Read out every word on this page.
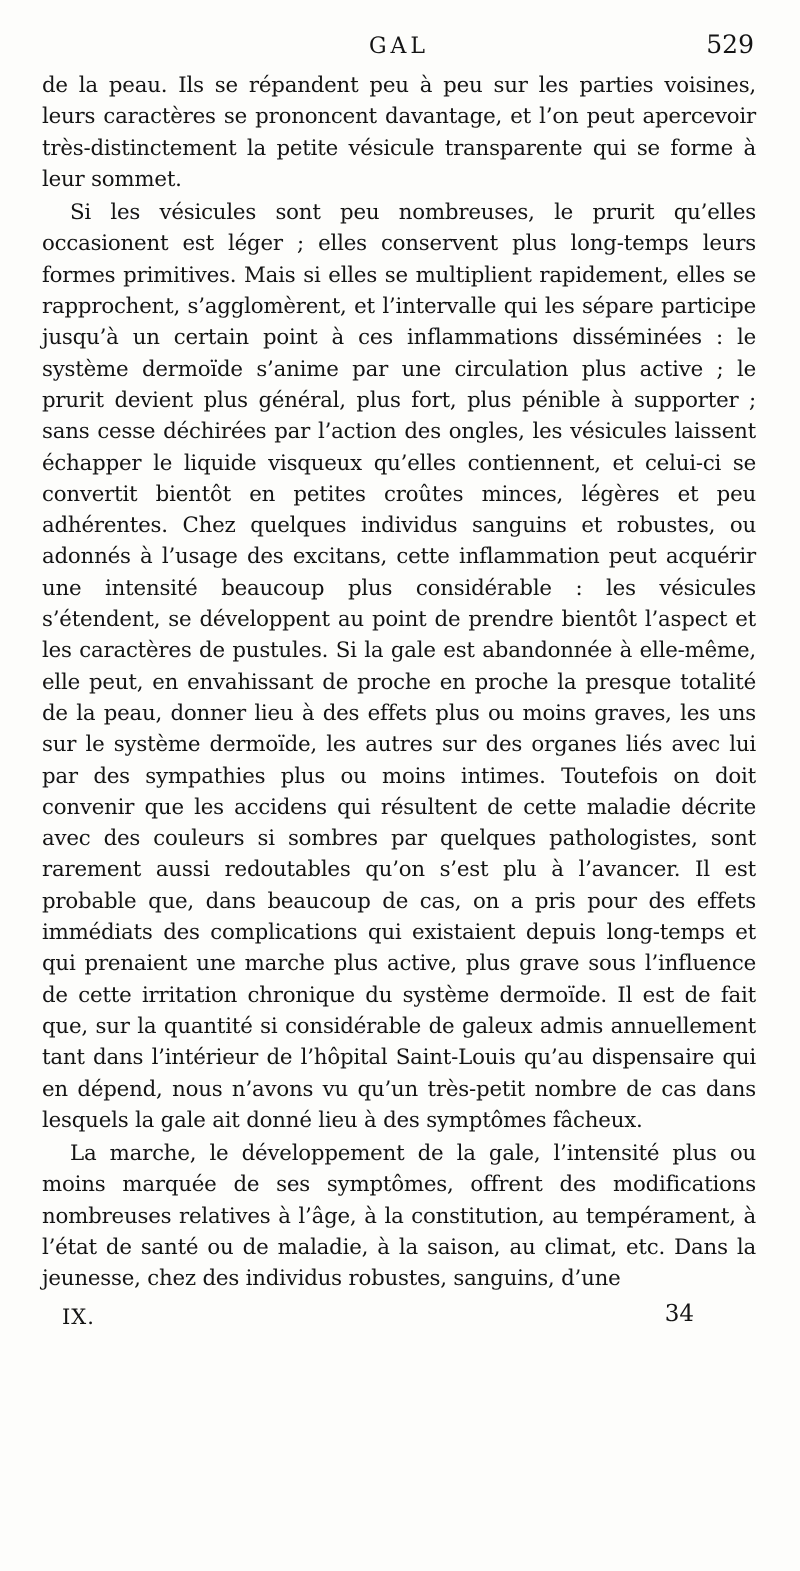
GAL	529

de la peau. Ils se répandent peu à peu sur les parties voisines, leurs caractères se prononcent davantage, et l’on peut apercevoir très-distinctement la petite vésicule transparente qui se forme à leur sommet.

Si les vésicules sont peu nombreuses, le prurit qu’elles occasionent est léger ; elles conservent plus long-temps leurs formes primitives. Mais si elles se multiplient rapidement, elles se rapprochent, s’agglomèrent, et l’intervalle qui les sépare participe jusqu’à un certain point à ces inflammations disséminées : le système dermoïde s’anime par une circulation plus active ; le prurit devient plus général, plus fort, plus pénible à supporter ; sans cesse déchirées par l’action des ongles, les vésicules laissent échapper le liquide visqueux qu’elles contiennent, et celui-ci se convertit bientôt en petites croûtes minces, légères et peu adhérentes. Chez quelques individus sanguins et robustes, ou adonnés à l’usage des excitans, cette inflammation peut acquérir une intensité beaucoup plus considérable : les vésicules s’étendent, se développent au point de prendre bientôt l’aspect et les caractères de pustules. Si la gale est abandonnée à elle-même, elle peut, en envahissant de proche en proche la presque totalité de la peau, donner lieu à des effets plus ou moins graves, les uns sur le système dermoïde, les autres sur des organes liés avec lui par des sympathies plus ou moins intimes. Toutefois on doit convenir que les accidens qui résultent de cette maladie décrite avec des couleurs si sombres par quelques pathologistes, sont rarement aussi redoutables qu’on s’est plu à l’avancer. Il est probable que, dans beaucoup de cas, on a pris pour des effets immédiats des complications qui existaient depuis long-temps et qui prenaient une marche plus active, plus grave sous l’influence de cette irritation chronique du système dermoïde. Il est de fait que, sur la quantité si considérable de galeux admis annuellement tant dans l’intérieur de l’hôpital Saint-Louis qu’au dispensaire qui en dépend, nous n’avons vu qu’un très-petit nombre de cas dans lesquels la gale ait donné lieu à des symptômes fâcheux.

La marche, le développement de la gale, l’intensité plus ou moins marquée de ses symptômes, offrent des modifications nombreuses relatives à l’âge, à la constitution, au tempérament, à l’état de santé ou de maladie, à la saison, au climat, etc. Dans la jeunesse, chez des individus robustes, sanguins, d’une

IX.	34
